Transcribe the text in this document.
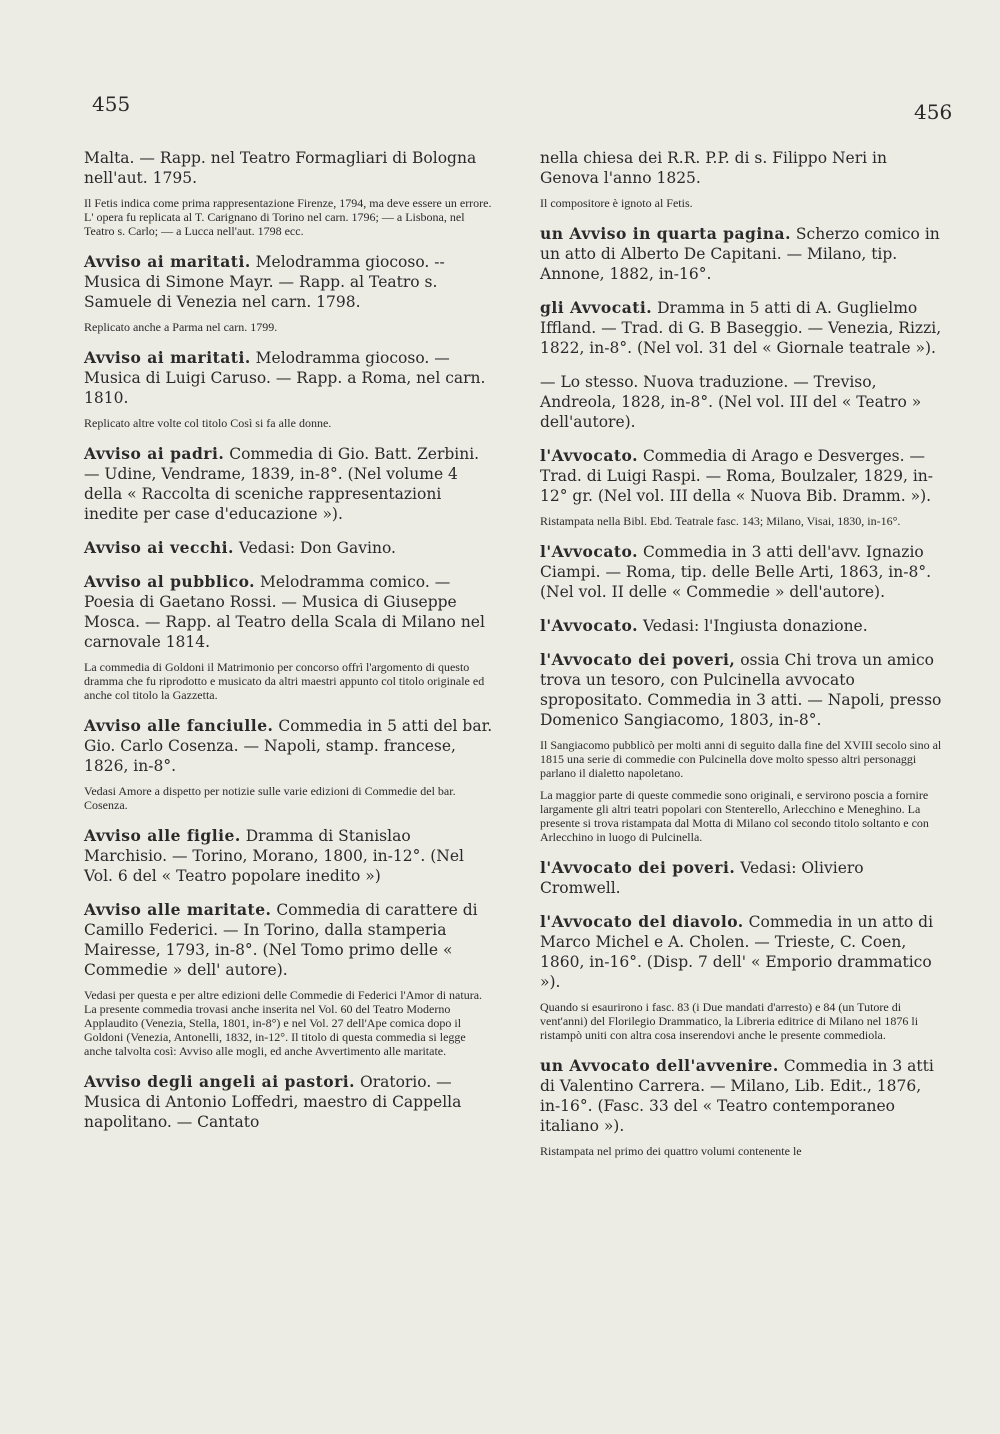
455	456

Malta. — Rapp. nel Teatro Formagliari di Bologna nell'aut. 1795.

Il Fetis indica come prima rappresentazione Firenze, 1794, ma deve essere un errore. L' opera fu replicata al T. Carignano di Torino nel carn. 1796; — a Lisbona, nel Teatro s. Carlo; — a Lucca nell'aut. 1798 ecc.

Avviso ai maritati. Melodramma giocoso. -- Musica di Simone Mayr. — Rapp. al Teatro s. Samuele di Venezia nel carn. 1798.

Replicato anche a Parma nel carn. 1799.

Avviso ai maritati. Melodramma giocoso. — Musica di Luigi Caruso. — Rapp. a Roma, nel carn. 1810.

Replicato altre volte col titolo Così si fa alle donne.

Avviso ai padri. Commedia di Gio. Batt. Zerbini. — Udine, Vendrame, 1839, in-8°. (Nel volume 4 della « Raccolta di sceniche rappresentazioni inedite per case d'educazione »).

Avviso ai vecchi. Vedasi: Don Gavino.

Avviso al pubblico. Melodramma comico. — Poesia di Gaetano Rossi. — Musica di Giuseppe Mosca. — Rapp. al Teatro della Scala di Milano nel carnovale 1814.

La commedia di Goldoni il Matrimonio per concorso offrì l'argomento di questo dramma che fu riprodotto e musicato da altri maestri appunto col titolo originale ed anche col titolo la Gazzetta.

Avviso alle fanciulle. Commedia in 5 atti del bar. Gio. Carlo Cosenza. — Napoli, stamp. francese, 1826, in-8°.

Vedasi Amore a dispetto per notizie sulle varie edizioni di Commedie del bar. Cosenza.

Avviso alle figlie. Dramma di Stanislao Marchisio. — Torino, Morano, 1800, in-12°. (Nel Vol. 6 del « Teatro popolare inedito »)

Avviso alle maritate. Commedia di carattere di Camillo Federici. — In Torino, dalla stamperia Mairesse, 1793, in-8°. (Nel Tomo primo delle « Commedie » dell' autore).

Vedasi per questa e per altre edizioni delle Commedie di Federici l'Amor di natura. La presente commedia trovasi anche inserita nel Vol. 60 del Teatro Moderno Applaudito (Venezia, Stella, 1801, in-8°) e nel Vol. 27 dell'Ape comica dopo il Goldoni (Venezia, Antonelli, 1832, in-12°. Il titolo di questa commedia si legge anche talvolta così: Avviso alle mogli, ed anche Avvertimento alle maritate.

Avviso degli angeli ai pastori. Oratorio. — Musica di Antonio Loffedri, maestro di Cappella napolitano. — Cantato

nella chiesa dei R.R. P.P. di s. Filippo Neri in Genova l'anno 1825.

Il compositore è ignoto al Fetis.

un Avviso in quarta pagina. Scherzo comico in un atto di Alberto De Capitani. — Milano, tip. Annone, 1882, in-16°.

gli Avvocati. Dramma in 5 atti di A. Guglielmo Iffland. — Trad. di G. B Baseggio. — Venezia, Rizzi, 1822, in-8°. (Nel vol. 31 del « Giornale teatrale »).

— Lo stesso. Nuova traduzione. — Treviso, Andreola, 1828, in-8°. (Nel vol. III del « Teatro » dell'autore).

l'Avvocato. Commedia di Arago e Desverges. — Trad. di Luigi Raspi. — Roma, Boulzaler, 1829, in-12° gr. (Nel vol. III della « Nuova Bib. Dramm. »).

Ristampata nella Bibl. Ebd. Teatrale fasc. 143; Milano, Visai, 1830, in-16°.

l'Avvocato. Commedia in 3 atti dell'avv. Ignazio Ciampi. — Roma, tip. delle Belle Arti, 1863, in-8°. (Nel vol. II delle « Commedie » dell'autore).

l'Avvocato. Vedasi: l'Ingiusta donazione.

l'Avvocato dei poveri, ossia Chi trova un amico trova un tesoro, con Pulcinella avvocato spropositato. Commedia in 3 atti. — Napoli, presso Domenico Sangiacomo, 1803, in-8°.

Il Sangiacomo pubblicò per molti anni di seguito dalla fine del XVIII secolo sino al 1815 una serie di commedie con Pulcinella dove molto spesso altri personaggi parlano il dialetto napoletano.

La maggior parte di queste commedie sono originali, e servirono poscia a fornire largamente gli altri teatri popolari con Stenterello, Arlecchino e Meneghino. La presente si trova ristampata dal Motta di Milano col secondo titolo soltanto e con Arlecchino in luogo di Pulcinella.

l'Avvocato dei poveri. Vedasi: Oliviero Cromwell.

l'Avvocato del diavolo. Commedia in un atto di Marco Michel e A. Cholen. — Trieste, C. Coen, 1860, in-16°. (Disp. 7 dell' « Emporio drammatico »).

Quando si esaurirono i fasc. 83 (i Due mandati d'arresto) e 84 (un Tutore di vent'anni) del Florilegio Drammatico, la Libreria editrice di Milano nel 1876 li ristampò uniti con altra cosa inserendovi anche le presente commediola.

un Avvocato dell'avvenire. Commedia in 3 atti di Valentino Carrera. — Milano, Lib. Edit., 1876, in-16°. (Fasc. 33 del « Teatro contemporaneo italiano »).

Ristampata nel primo dei quattro volumi contenente le
